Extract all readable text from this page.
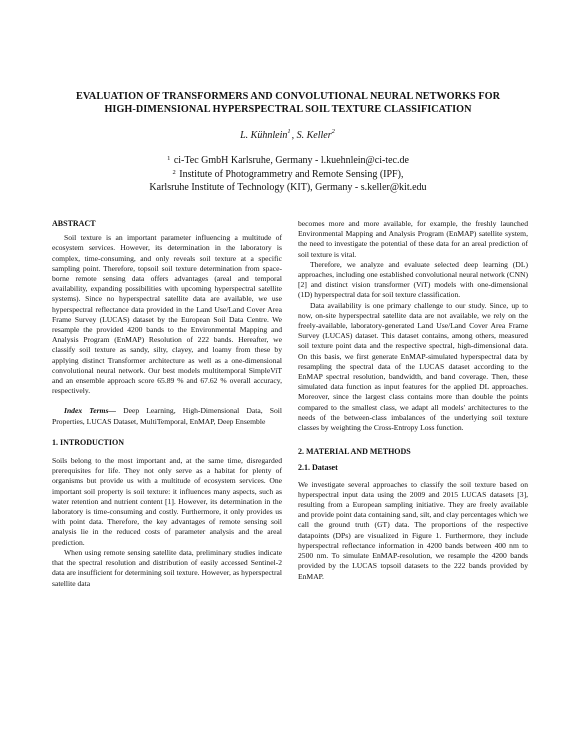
EVALUATION OF TRANSFORMERS AND CONVOLUTIONAL NEURAL NETWORKS FOR
HIGH-DIMENSIONAL HYPERSPECTRAL SOIL TEXTURE CLASSIFICATION
L. Kühnlein$^1$, S. Keller$^2$
$^1$ ci-Tec GmbH Karlsruhe, Germany - l.kuehnlein@ci-tec.de
$^2$ Institute of Photogrammetry and Remote Sensing (IPF),
Karlsruhe Institute of Technology (KIT), Germany - s.keller@kit.edu

ABSTRACT

Soil texture is an important parameter influencing a multitude of ecosystem services. However, its determination in the laboratory is complex, time-consuming, and only reveals soil texture at a specific sampling point. Therefore, topsoil soil texture determination from space-borne remote sensing data offers advantages (areal and temporal availability, expanding possibilities with upcoming hyperspectral satellite systems). Since no hyperspectral satellite data are available, we use hyperspectral reflectance data provided in the Land Use/Land Cover Area Frame Survey (LUCAS) dataset by the European Soil Data Centre. We resample the provided 4200 bands to the Environmental Mapping and Analysis Program (EnMAP) Resolution of 222 bands. Hereafter, we classify soil texture as sandy, silty, clayey, and loamy from these by applying distinct Transformer architecture as well as a one-dimensional convolutional neural network. Our best models multitemporal SimpleViT and an ensemble approach score 65.89 % and 67.62 % overall accuracy, respectively.

Index Terms— Deep Learning, High-Dimensional Data, Soil Properties, LUCAS Dataset, MultiTemporal, EnMAP, Deep Ensemble

1. INTRODUCTION

Soils belong to the most important and, at the same time, disregarded prerequisites for life. They not only serve as a habitat for plenty of organisms but provide us with a multitude of ecosystem services. One important soil property is soil texture: it influences many aspects, such as water retention and nutrient content [1]. However, its determination in the laboratory is time-consuming and costly. Furthermore, it only provides us with point data. Therefore, the key advantages of remote sensing soil analysis lie in the reduced costs of parameter analysis and the areal prediction.

When using remote sensing satellite data, preliminary studies indicate that the spectral resolution and distribution of easily accessed Sentinel-2 data are insufficient for determining soil texture. However, as hyperspectral satellite data

becomes more and more available, for example, the freshly launched Environmental Mapping and Analysis Program (EnMAP) satellite system, the need to investigate the potential of these data for an areal prediction of soil texture is vital.

Therefore, we analyze and evaluate selected deep learning (DL) approaches, including one established convolutional neural network (CNN) [2] and distinct vision transformer (ViT) models with one-dimensional (1D) hyperspectral data for soil texture classification.

Data availability is one primary challenge to our study. Since, up to now, on-site hyperspectral satellite data are not available, we rely on the freely-available, laboratory-generated Land Use/Land Cover Area Frame Survey (LUCAS) dataset. This dataset contains, among others, measured soil texture point data and the respective spectral, high-dimensional data. On this basis, we first generate EnMAP-simulated hyperspectral data by resampling the spectral data of the LUCAS dataset according to the EnMAP spectral resolution, bandwidth, and band coverage. Then, these simulated data function as input features for the applied DL approaches. Moreover, since the largest class contains more than double the points compared to the smallest class, we adapt all models' architectures to the needs of the between-class imbalances of the underlying soil texture classes by weighting the Cross-Entropy Loss function.

2. MATERIAL AND METHODS

2.1. Dataset

We investigate several approaches to classify the soil texture based on hyperspectral input data using the 2009 and 2015 LUCAS datasets [3], resulting from a European sampling initiative. They are freely available and provide point data containing sand, silt, and clay percentages which we call the ground truth (GT) data. The proportions of the respective datapoints (DPs) are visualized in Figure 1. Furthermore, they include hyperspectral reflectance information in 4200 bands between 400 nm to 2500 nm. To simulate EnMAP-resolution, we resample the 4200 bands provided by the LUCAS topsoil datasets to the 222 bands provided by EnMAP.
